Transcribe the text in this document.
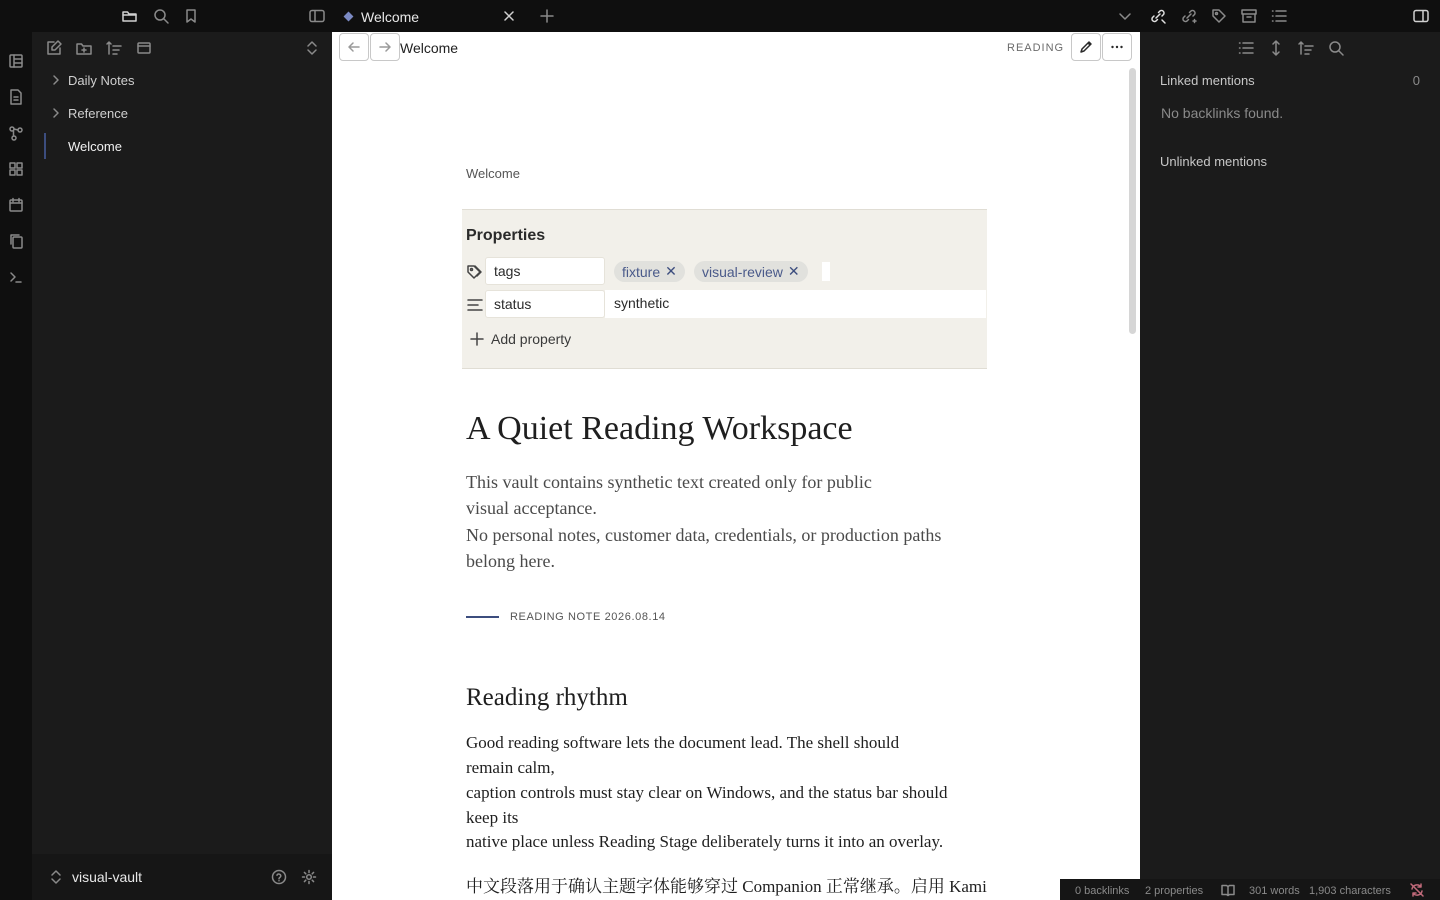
Welcome
Daily Notes
Reference
Welcome
visual-vault
Welcome	READING
Welcome
Properties
tags	fixture ✕ visual-review ✕
status	synthetic
Add property
A Quiet Reading Workspace
This vault contains synthetic text created only for public
visual acceptance.
No personal notes, customer data, credentials, or production paths
belong here.
READING NOTE 2026.08.14
Reading rhythm
Good reading software lets the document lead. The shell should
remain calm,
caption controls must stay clear on Windows, and the status bar should
keep its
native place unless Reading Stage deliberately turns it into an overlay.
中文段落用于确认主题字体能够穿过 Companion 正常继承。启用 Kami
Linked mentions	0
No backlinks found.
Unlinked mentions
0 backlinks 2 properties	301 words 1,903 characters
